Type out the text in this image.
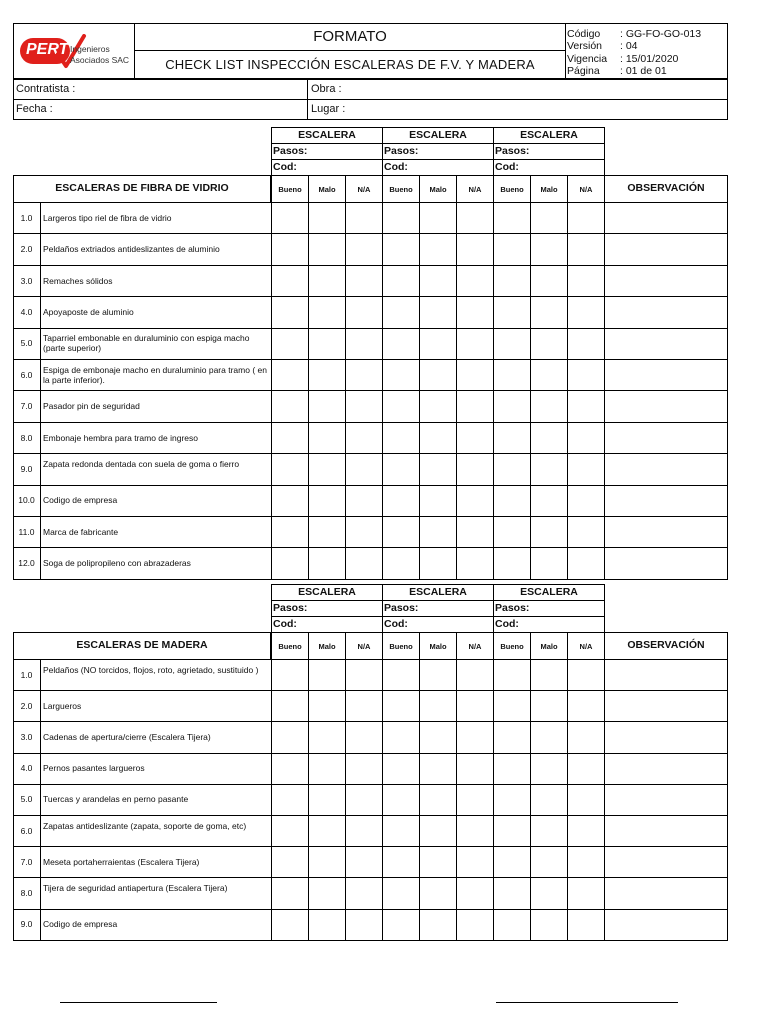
PERT Ingenieros
Asociados SAC
FORMATO
CHECK LIST INSPECCIÓN ESCALERAS DE F.V. Y MADERA
Código : GG-FO-GO-013
Versión : 04
Vigencia : 15/01/2020
Página : 01 de 01
Contratista :	Obra :
Fecha :	Lugar :
ESCALERA
Pasos:
Cod:
ESCALERA
Pasos:
Cod:
ESCALERA
Pasos:
Cod:
ESCALERAS DE FIBRA DE VIDRIO	Bueno	Malo	N/A	Bueno	Malo	N/A	Bueno	Malo	N/A	OBSERVACIÓN
1.0	Largeros tipo riel de fibra de vidrio
2.0	Peldaños extriados antideslizantes de aluminio
3.0	Remaches sólidos
4.0	Apoyaposte de aluminio
5.0	Taparriel embonable en duraluminio con espiga macho (parte superior)
6.0	Espiga de embonaje macho en duraluminio para tramo ( en la parte inferior).
7.0	Pasador pin de seguridad
8.0	Embonaje hembra para tramo de ingreso
9.0	Zapata redonda dentada con suela de goma o fierro
10.0 Codigo de empresa
11.0	Marca de fabricante
12.0 Soga de polipropileno con abrazaderas
ESCALERA
Pasos:
Cod:
ESCALERA
Pasos:
Cod:
ESCALERA
Pasos:
Cod:
ESCALERAS DE MADERA	Bueno	Malo	N/A	Bueno	Malo	N/A	Bueno	Malo	N/A	OBSERVACIÓN
1.0	Peldaños (NO torcidos, flojos, roto, agrietado, sustituido )
2.0	Largueros
3.0	Cadenas de apertura/cierre (Escalera Tijera)
4.0	Pernos pasantes largueros
5.0	Tuercas y arandelas en perno pasante
6.0	Zapatas antideslizante (zapata, soporte de goma, etc)
7.0	Meseta portaherraientas (Escalera Tijera)
8.0	Tijera de seguridad antiapertura (Escalera Tijera)
9.0	Codigo de empresa
